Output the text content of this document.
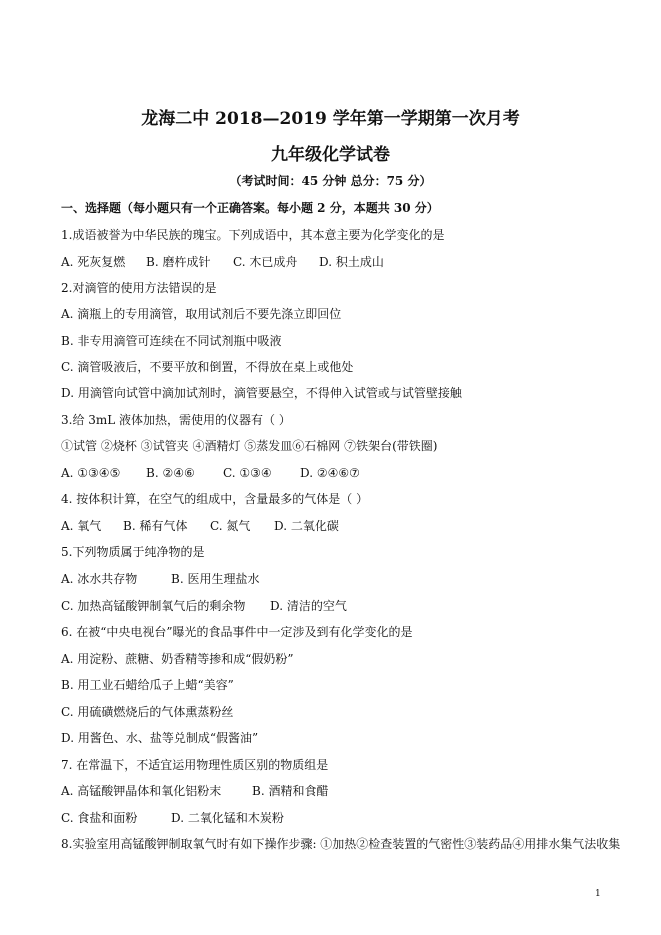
龙海二中 2018—2019 学年第一学期第一次月考
九年级化学试卷
（考试时间：45 分钟 总分：75 分）
一、选择题（每小题只有一个正确答案。每小题 2 分，本题共 30 分）
1.成语被誉为中华民族的瑰宝。下列成语中，其本意主要为化学变化的是
A. 死灰复燃	B. 磨杵成针	C. 木已成舟	D. 积土成山
2.对滴管的使用方法错误的是
A. 滴瓶上的专用滴管，取用试剂后不要先涤立即回位
B. 非专用滴管可连续在不同试剂瓶中吸液
C. 滴管吸液后，不要平放和倒置，不得放在桌上或他处
D. 用滴管向试管中滴加试剂时，滴管要悬空，不得伸入试管或与试管壁接触
3.给 3mL 液体加热，需使用的仪器有（ ）
①试管 ②烧杯 ③试管夹 ④酒精灯 ⑤蒸发皿⑥石棉网 ⑦铁架台(带铁圈)
A. ①③④⑤	B. ②④⑥	C. ①③④	D. ②④⑥⑦
4. 按体积计算，在空气的组成中，含量最多的气体是（ ）
A. 氧气	B. 稀有气体	C. 氮气	D. 二氧化碳
5.下列物质属于纯净物的是
A. 冰水共存物	B. 医用生理盐水
C. 加热高锰酸钾制氧气后的剩余物	D. 清洁的空气
6. 在被“中央电视台”曝光的食品事件中一定涉及到有化学变化的是
A. 用淀粉、蔗糖、奶香精等掺和成“假奶粉”
B. 用工业石蜡给瓜子上蜡“美容”
C. 用硫磺燃烧后的气体熏蒸粉丝
D. 用酱色、水、盐等兑制成“假酱油”
7. 在常温下，不适宜运用物理性质区别的物质组是
A. 高锰酸钾晶体和氧化铝粉末	B. 酒精和食醋
C. 食盐和面粉	D. 二氧化锰和木炭粉
8.实验室用高锰酸钾制取氧气时有如下操作步骤: ①加热②检查装置的气密性③装药品④用排水集气法收集
1
